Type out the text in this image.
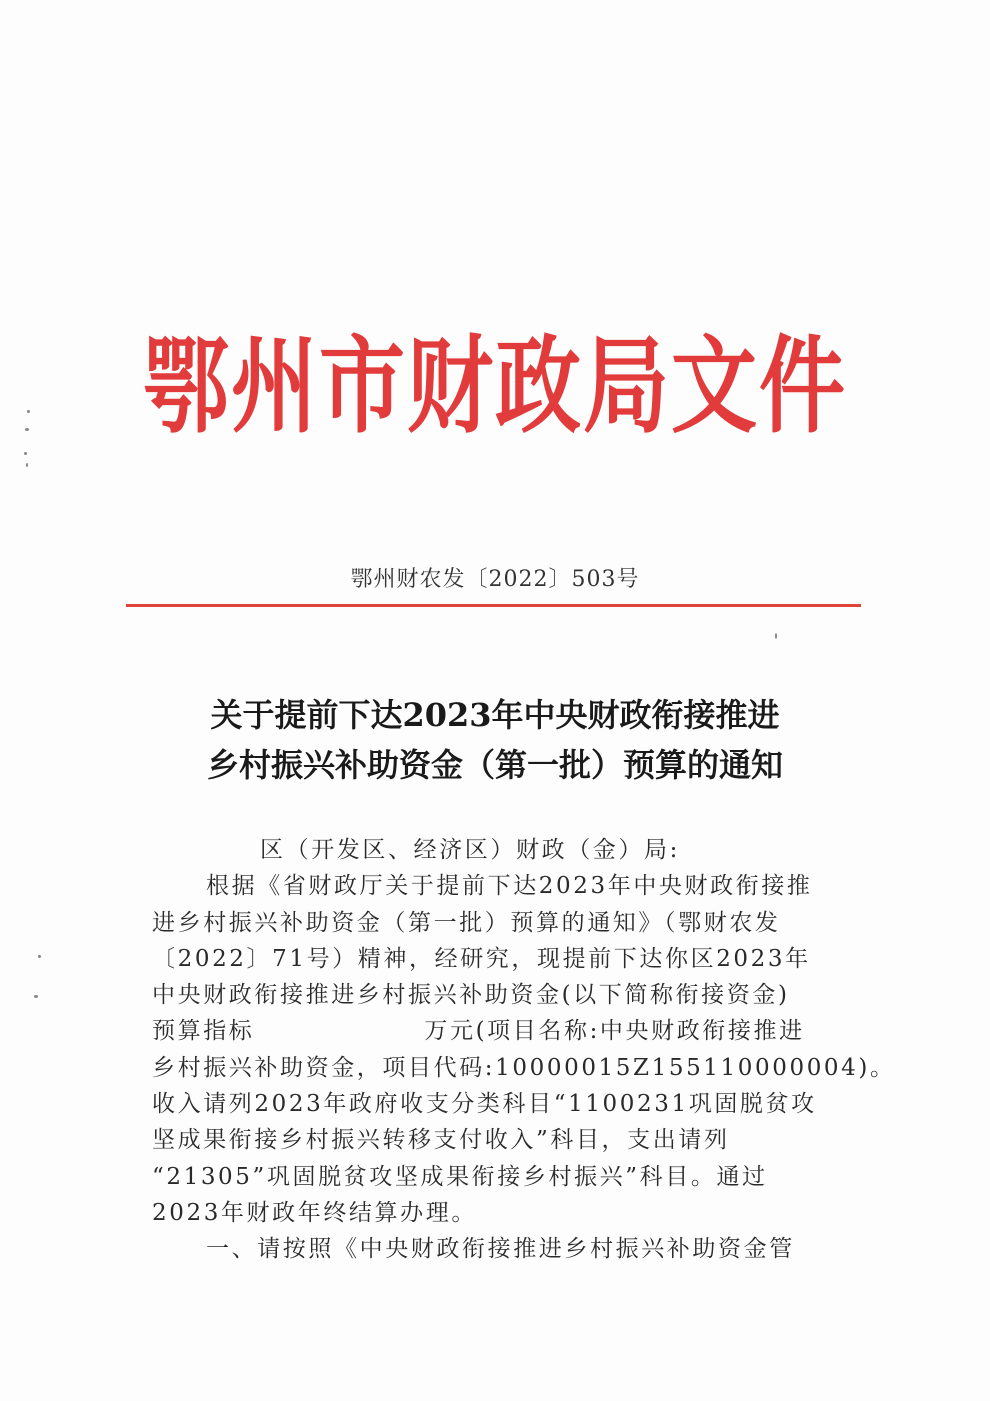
鄂州市财政局文件
鄂州财农发〔2022〕503号
关于提前下达2023年中央财政衔接推进
乡村振兴补助资金（第一批）预算的通知
区（开发区、经济区）财政（金）局:
根据《省财政厅关于提前下达2023年中央财政衔接推
进乡村振兴补助资金（第一批）预算的通知》（鄂财农发
〔2022〕71号）精神，经研究，现提前下达你区2023年
中央财政衔接推进乡村振兴补助资金(以下简称衔接资金)
预算指标	万元(项目名称:中央财政衔接推进
乡村振兴补助资金，项目代码:10000015Z155110000004)。
收入请列2023年政府收支分类科目“1100231巩固脱贫攻
坚成果衔接乡村振兴转移支付收入”科目，支出请列
“21305”巩固脱贫攻坚成果衔接乡村振兴”科目。通过
2023年财政年终结算办理。
一、请按照《中央财政衔接推进乡村振兴补助资金管
